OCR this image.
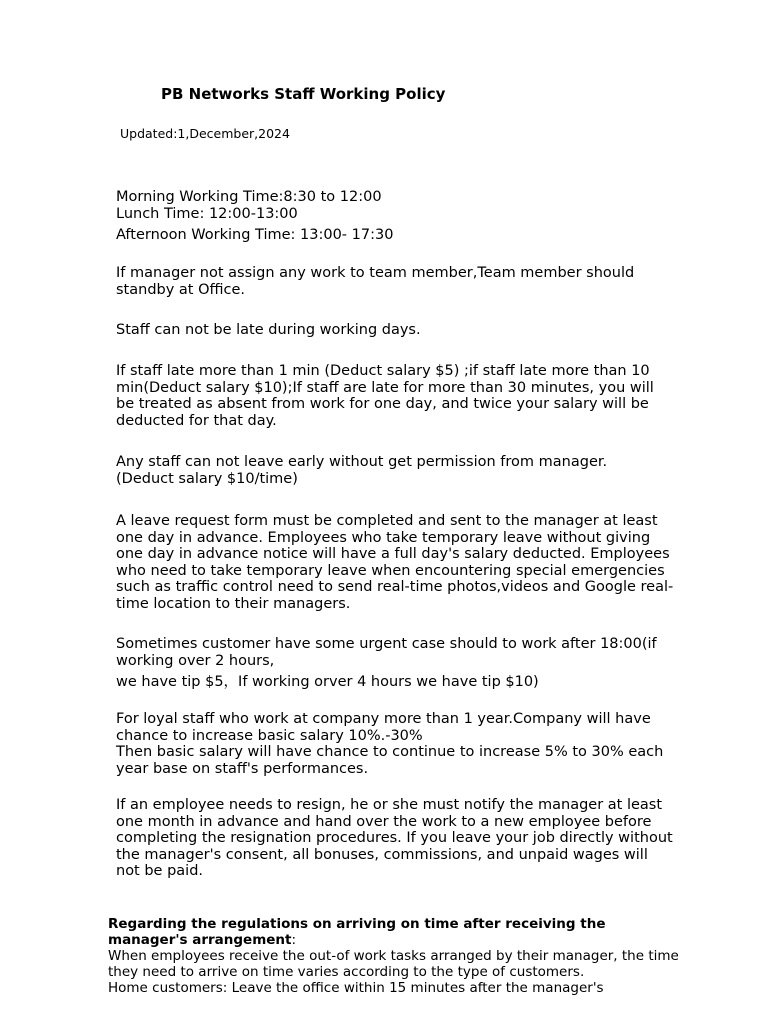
PB Networks Staff Working Policy
Updated:1,December,2024

Morning Working Time:8:30 to 12:00

Lunch Time: 12:00-13:00

Afternoon Working Time: 13:00- 17:30

If manager not assign any work to team member,Team member should standby at Office.

Staff can not be late during working days.

If staff late more than 1 min (Deduct salary $5) ;if staff late more than 10 min(Deduct salary $10);If staff are late for more than 30 minutes, you will be treated as absent from work for one day, and twice your salary will be deducted for that day.

Any staff can not leave early without get permission from manager.

(Deduct salary $10/time)

A leave request form must be completed and sent to the manager at least one day in advance. Employees who take temporary leave without giving one day in advance notice will have a full day's salary deducted. Employees who need to take temporary leave when encountering special emergencies such as traffic control need to send real-time photos,videos and Google real-time location to their managers.

Sometimes customer have some urgent case should to work after 18:00(if working over 2 hours,

we have tip $5，If working orver 4 hours we have tip $10)

For loyal staff who work at company more than 1 year.Company will have chance to increase basic salary 10%.-30%

Then basic salary will have chance to continue to increase 5% to 30% each year base on staff's performances.

If an employee needs to resign, he or she must notify the manager at least one month in advance and hand over the work to a new employee before completing the resignation procedures. If you leave your job directly without the manager's consent, all bonuses, commissions, and unpaid wages will not be paid.

Regarding the regulations on arriving on time after receiving the manager's arrangement:

When employees receive the out-of work tasks arranged by their manager, the time they need to arrive on time varies according to the type of customers.

Home customers: Leave the office within 15 minutes after the manager's
